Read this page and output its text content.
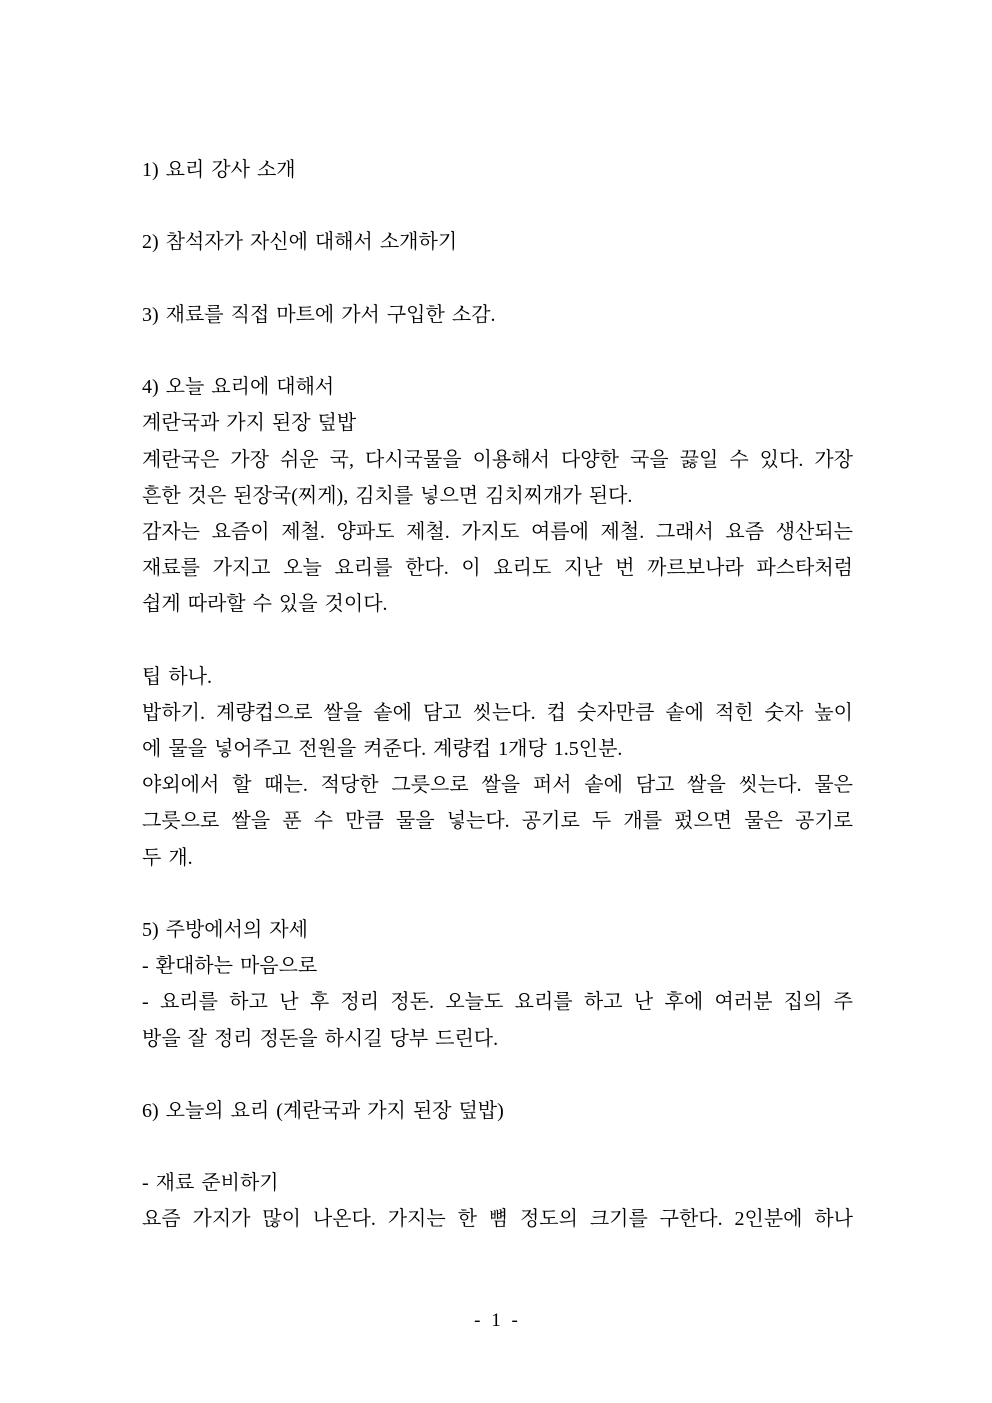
1) 요리 강사 소개

2) 참석자가 자신에 대해서 소개하기

3) 재료를 직접 마트에 가서 구입한 소감.

4) 오늘 요리에 대해서
계란국과 가지 된장 덮밥
계란국은 가장 쉬운 국, 다시국물을 이용해서 다양한 국을 끓일 수 있다. 가장
흔한 것은 된장국(찌게), 김치를 넣으면 김치찌개가 된다.
감자는 요즘이 제철. 양파도 제철. 가지도 여름에 제철. 그래서 요즘 생산되는
재료를 가지고 오늘 요리를 한다. 이 요리도 지난 번 까르보나라 파스타처럼
쉽게 따라할 수 있을 것이다.

팁 하나.
밥하기. 계량컵으로 쌀을 솥에 담고 씻는다. 컵 숫자만큼 솥에 적힌 숫자 높이
에 물을 넣어주고 전원을 켜준다. 계량컵 1개당 1.5인분.
야외에서 할 때는. 적당한 그릇으로 쌀을 퍼서 솥에 담고 쌀을 씻는다. 물은
그릇으로 쌀을 푼 수 만큼 물을 넣는다. 공기로 두 개를 펐으면 물은 공기로
두 개.

5) 주방에서의 자세
- 환대하는 마음으로
- 요리를 하고 난 후 정리 정돈. 오늘도 요리를 하고 난 후에 여러분 집의 주
방을 잘 정리 정돈을 하시길 당부 드린다.

6) 오늘의 요리 (계란국과 가지 된장 덮밥)

- 재료 준비하기
요즘 가지가 많이 나온다. 가지는 한 뼘 정도의 크기를 구한다. 2인분에 하나
- 1 -
